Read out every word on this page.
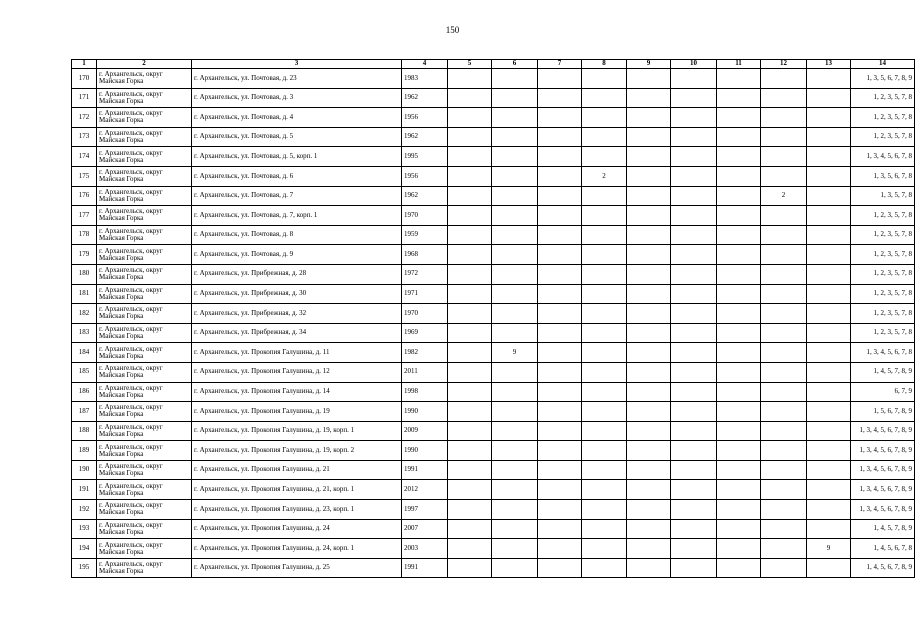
150
1	2	3	4	5	6	7	8	9	10	11	12	13	14
170	г. Архангельск, округ Майская Горка	г. Архангельск, ул. Почтовая, д. 23	1983										1, 3, 5, 6, 7, 8, 9
171	г. Архангельск, округ Майская Горка	г. Архангельск, ул. Почтовая, д. 3	1962										1, 2, 3, 5, 7, 8
172	г. Архангельск, округ Майская Горка	г. Архангельск, ул. Почтовая, д. 4	1956										1, 2, 3, 5, 7, 8
173	г. Архангельск, округ Майская Горка	г. Архангельск, ул. Почтовая, д. 5	1962										1, 2, 3, 5, 7, 8
174	г. Архангельск, округ Майская Горка	г. Архангельск, ул. Почтовая, д. 5, корп. 1	1995										1, 3, 4, 5, 6, 7, 8
175	г. Архангельск, округ Майская Горка	г. Архангельск, ул. Почтовая, д. 6	1956				2						1, 3, 5, 6, 7, 8
176	г. Архангельск, округ Майская Горка	г. Архангельск, ул. Почтовая, д. 7	1962								2		1, 3, 5, 7, 8
177	г. Архангельск, округ Майская Горка	г. Архангельск, ул. Почтовая, д. 7, корп. 1	1970										1, 2, 3, 5, 7, 8
178	г. Архангельск, округ Майская Горка	г. Архангельск, ул. Почтовая, д. 8	1959										1, 2, 3, 5, 7, 8
179	г. Архангельск, округ Майская Горка	г. Архангельск, ул. Почтовая, д. 9	1968										1, 2, 3, 5, 7, 8
180	г. Архангельск, округ Майская Горка	г. Архангельск, ул. Прибрежная, д. 28	1972										1, 2, 3, 5, 7, 8
181	г. Архангельск, округ Майская Горка	г. Архангельск, ул. Прибрежная, д. 30	1971										1, 2, 3, 5, 7, 8
182	г. Архангельск, округ Майская Горка	г. Архангельск, ул. Прибрежная, д. 32	1970										1, 2, 3, 5, 7, 8
183	г. Архангельск, округ Майская Горка	г. Архангельск, ул. Прибрежная, д. 34	1969										1, 2, 3, 5, 7, 8
184	г. Архангельск, округ Майская Горка	г. Архангельск, ул. Прокопия Галушина, д. 11	1982		9								1, 3, 4, 5, 6, 7, 8
185	г. Архангельск, округ Майская Горка	г. Архангельск, ул. Прокопия Галушина, д. 12	2011										1, 4, 5, 7, 8, 9
186	г. Архангельск, округ Майская Горка	г. Архангельск, ул. Прокопия Галушина, д. 14	1998										6, 7, 9
187	г. Архангельск, округ Майская Горка	г. Архангельск, ул. Прокопия Галушина, д. 19	1990										1, 5, 6, 7, 8, 9
188	г. Архангельск, округ Майская Горка	г. Архангельск, ул. Прокопия Галушина, д. 19, корп. 1	2009										1, 3, 4, 5, 6, 7, 8, 9
189	г. Архангельск, округ Майская Горка	г. Архангельск, ул. Прокопия Галушина, д. 19, корп. 2	1990										1, 3, 4, 5, 6, 7, 8, 9
190	г. Архангельск, округ Майская Горка	г. Архангельск, ул. Прокопия Галушина, д. 21	1991										1, 3, 4, 5, 6, 7, 8, 9
191	г. Архангельск, округ Майская Горка	г. Архангельск, ул. Прокопия Галушина, д. 21, корп. 1	2012										1, 3, 4, 5, 6, 7, 8, 9
192	г. Архангельск, округ Майская Горка	г. Архангельск, ул. Прокопия Галушина, д. 23, корп. 1	1997										1, 3, 4, 5, 6, 7, 8, 9
193	г. Архангельск, округ Майская Горка	г. Архангельск, ул. Прокопия Галушина, д. 24	2007										1, 4, 5, 7, 8, 9
194	г. Архангельск, округ Майская Горка	г. Архангельск, ул. Прокопия Галушина, д. 24, корп. 1	2003									9	1, 4, 5, 6, 7, 8
195	г. Архангельск, округ Майская Горка	г. Архангельск, ул. Прокопия Галушина, д. 25	1991										1, 4, 5, 6, 7, 8, 9
